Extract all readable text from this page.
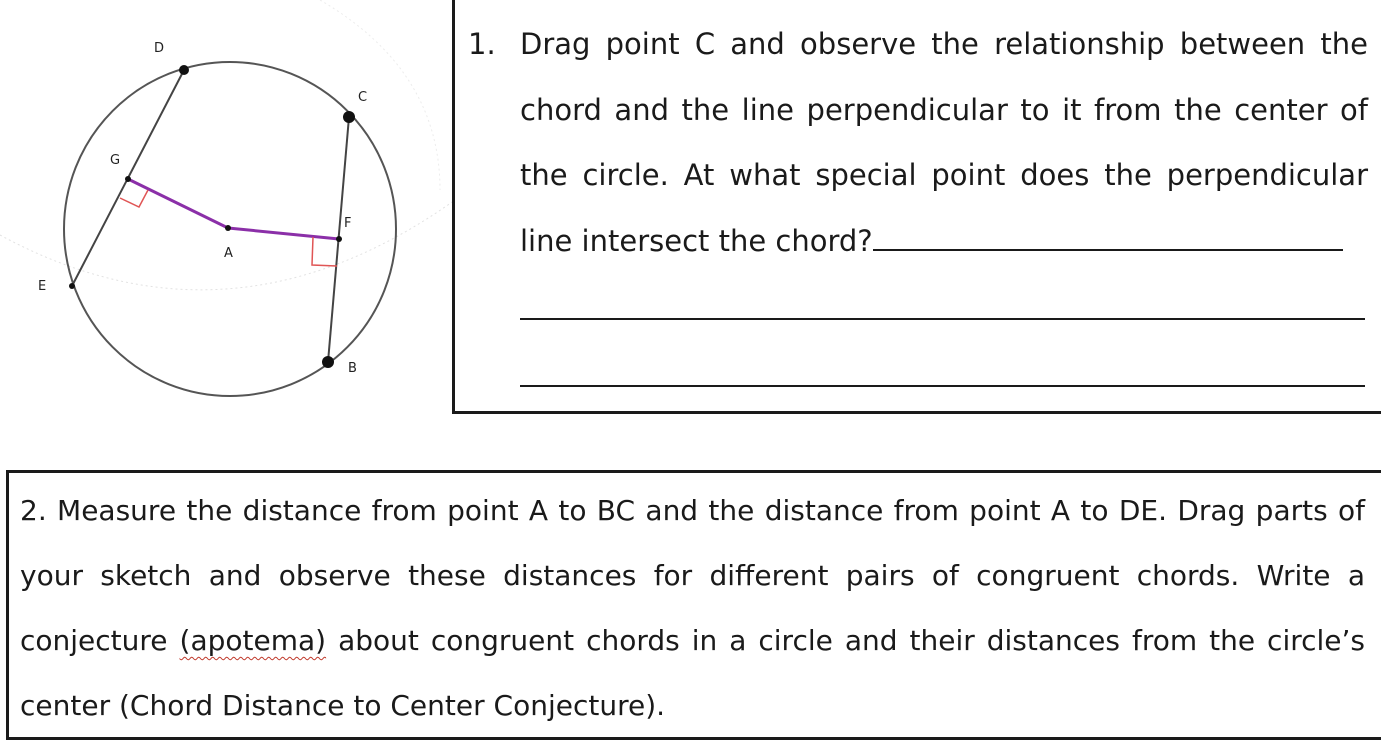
D
C
G
F
A
E
B
1. Drag point C and observe the relationship between the chord and the line perpendicular to it from the center of the circle. At what special point does the perpendicular line intersect the chord?
2. Measure the distance from point A to BC and the distance from point A to DE. Drag parts of your sketch and observe these distances for different pairs of congruent chords. Write a conjecture (apotema) about congruent chords in a circle and their distances from the circle’s center (Chord Distance to Center Conjecture).
